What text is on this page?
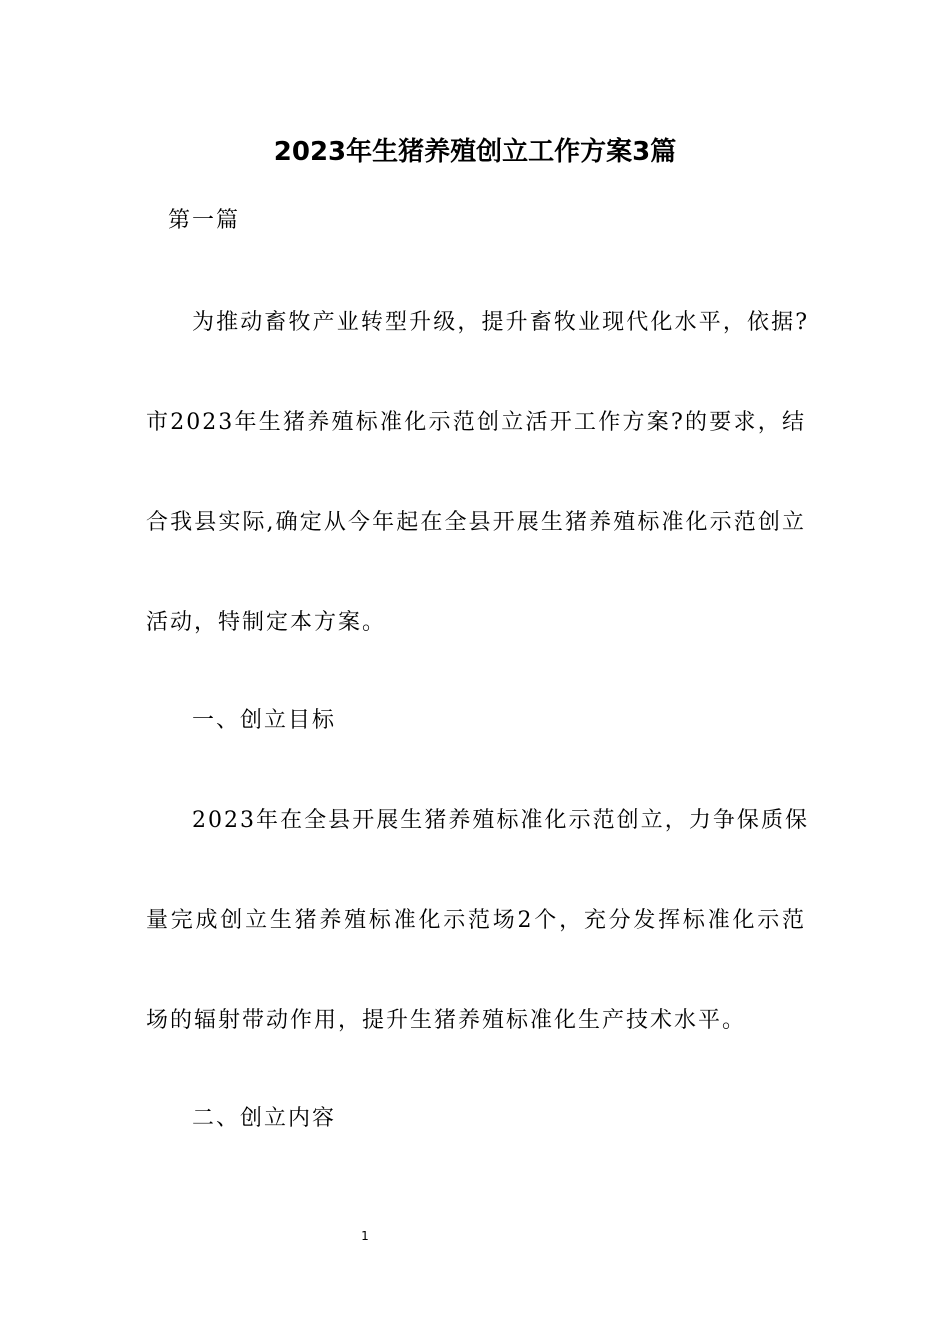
2023年生猪养殖创立工作方案3篇
第一篇
为推动畜牧产业转型升级，提升畜牧业现代化水平，依据?
市2023年生猪养殖标准化示范创立活开工作方案?的要求，结
合我县实际,确定从今年起在全县开展生猪养殖标准化示范创立
活动，特制定本方案。
一、创立目标
2023年在全县开展生猪养殖标准化示范创立，力争保质保
量完成创立生猪养殖标准化示范场2个，充分发挥标准化示范
场的辐射带动作用，提升生猪养殖标准化生产技术水平。
二、创立内容
1
